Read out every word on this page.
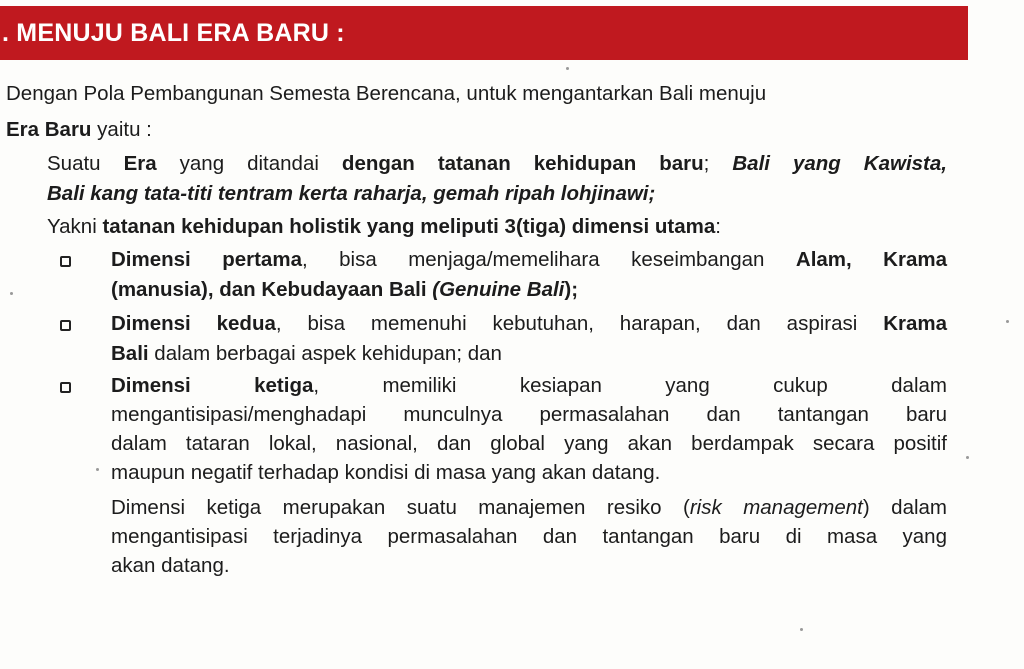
. MENUJU BALI ERA BARU :
Dengan Pola Pembangunan Semesta Berencana, untuk mengantarkan Bali menuju
Era Baru yaitu :
Suatu Era yang ditandai dengan tatanan kehidupan baru; Bali yang Kawista,
Bali kang tata-titi tentram kerta raharja, gemah ripah lohjinawi;
Yakni tatanan kehidupan holistik yang meliputi 3(tiga) dimensi utama:
Dimensi pertama, bisa menjaga/memelihara keseimbangan Alam, Krama
(manusia), dan Kebudayaan Bali (Genuine Bali);
Dimensi kedua, bisa memenuhi kebutuhan, harapan, dan aspirasi Krama
Bali dalam berbagai aspek kehidupan; dan
Dimensi ketiga, memiliki kesiapan yang cukup dalam
mengantisipasi/menghadapi munculnya permasalahan dan tantangan baru
dalam tataran lokal, nasional, dan global yang akan berdampak secara positif
maupun negatif terhadap kondisi di masa yang akan datang.
Dimensi ketiga merupakan suatu manajemen resiko (risk management) dalam
mengantisipasi terjadinya permasalahan dan tantangan baru di masa yang
akan datang.
